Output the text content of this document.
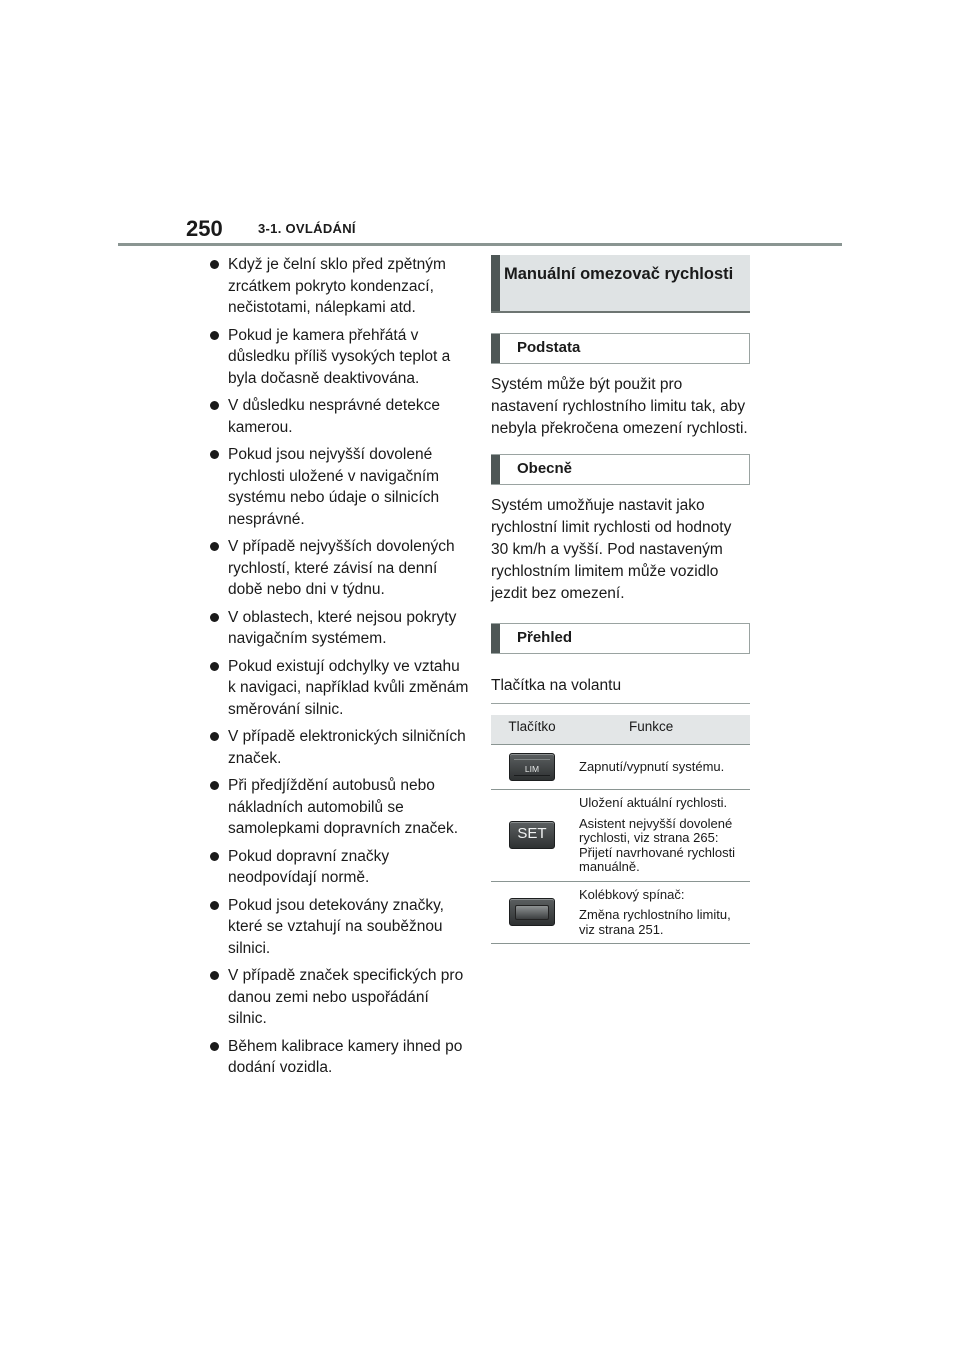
250	3-1. OVLÁDÁNÍ
Když je čelní sklo před zpětným zrcátkem pokryto kondenzací, nečistotami, nálepkami atd.
Pokud je kamera přehřátá v důsledku příliš vysokých teplot a byla dočasně deaktivována.
V důsledku nesprávné detekce kamerou.
Pokud jsou nejvyšší dovolené rychlosti uložené v navigačním systému nebo údaje o silnicích nesprávné.
V případě nejvyšších dovolených rychlostí, které závisí na denní době nebo dni v týdnu.
V oblastech, které nejsou pokryty navigačním systémem.
Pokud existují odchylky ve vztahu k navigaci, například kvůli změnám směrování silnic.
V případě elektronických silničních značek.
Při předjíždění autobusů nebo nákladních automobilů se samolepkami dopravních značek.
Pokud dopravní značky neodpovídají normě.
Pokud jsou detekovány značky, které se vztahují na souběžnou silnici.
V případě značek specifických pro danou zemi nebo uspořádání silnic.
Během kalibrace kamery ihned po dodání vozidla.
Manuální omezovač rychlosti
Podstata

Systém může být použit pro nastavení rychlostního limitu tak, aby nebyla překročena omezení rychlosti.

Obecně

Systém umožňuje nastavit jako rychlostní limit rychlosti od hodnoty 30 km/h a vyšší. Pod nastaveným rychlostním limitem může vozidlo jezdit bez omezení.

Přehled
Tlačítka na volantu
Tlačítko	Funkce

LIM	Zapnutí/vypnutí systému.

SET	Uložení aktuální rychlosti.
Asistent nejvyšší dovolené rychlosti, viz strana 265: Přijetí navrhované rychlosti manuálně.

	Kolébkový spínač:
Změna rychlostního limitu, viz strana 251.
